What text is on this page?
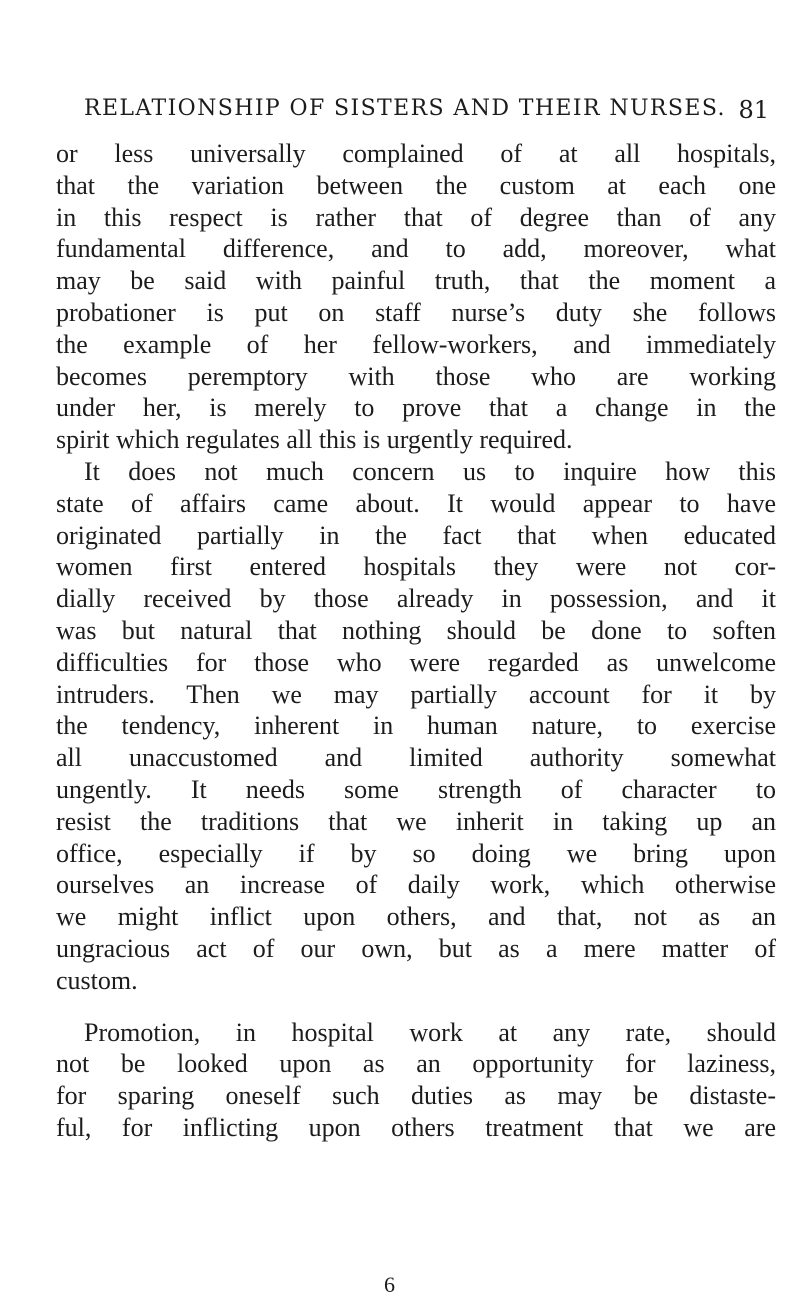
RELATIONSHIP OF SISTERS AND THEIR NURSES. 81

or less universally complained of at all hospitals,
that the variation between the custom at each one
in this respect is rather that of degree than of any
fundamental difference, and to add, moreover, what
may be said with painful truth, that the moment a
probationer is put on staff nurse’s duty she follows
the example of her fellow-workers, and immediately
becomes peremptory with those who are working
under her, is merely to prove that a change in the
spirit which regulates all this is urgently required.

It does not much concern us to inquire how this
state of affairs came about. It would appear to have
originated partially in the fact that when educated
women first entered hospitals they were not cor-
dially received by those already in possession, and it
was but natural that nothing should be done to soften
difficulties for those who were regarded as unwelcome
intruders. Then we may partially account for it by
the tendency, inherent in human nature, to exercise
all unaccustomed and limited authority somewhat
ungently. It needs some strength of character to
resist the traditions that we inherit in taking up an
office, especially if by so doing we bring upon
ourselves an increase of daily work, which otherwise
we might inflict upon others, and that, not as an
ungracious act of our own, but as a mere matter of
custom.

Promotion, in hospital work at any rate, should
not be looked upon as an opportunity for laziness,
for sparing oneself such duties as may be distaste-
ful, for inflicting upon others treatment that we are

6
